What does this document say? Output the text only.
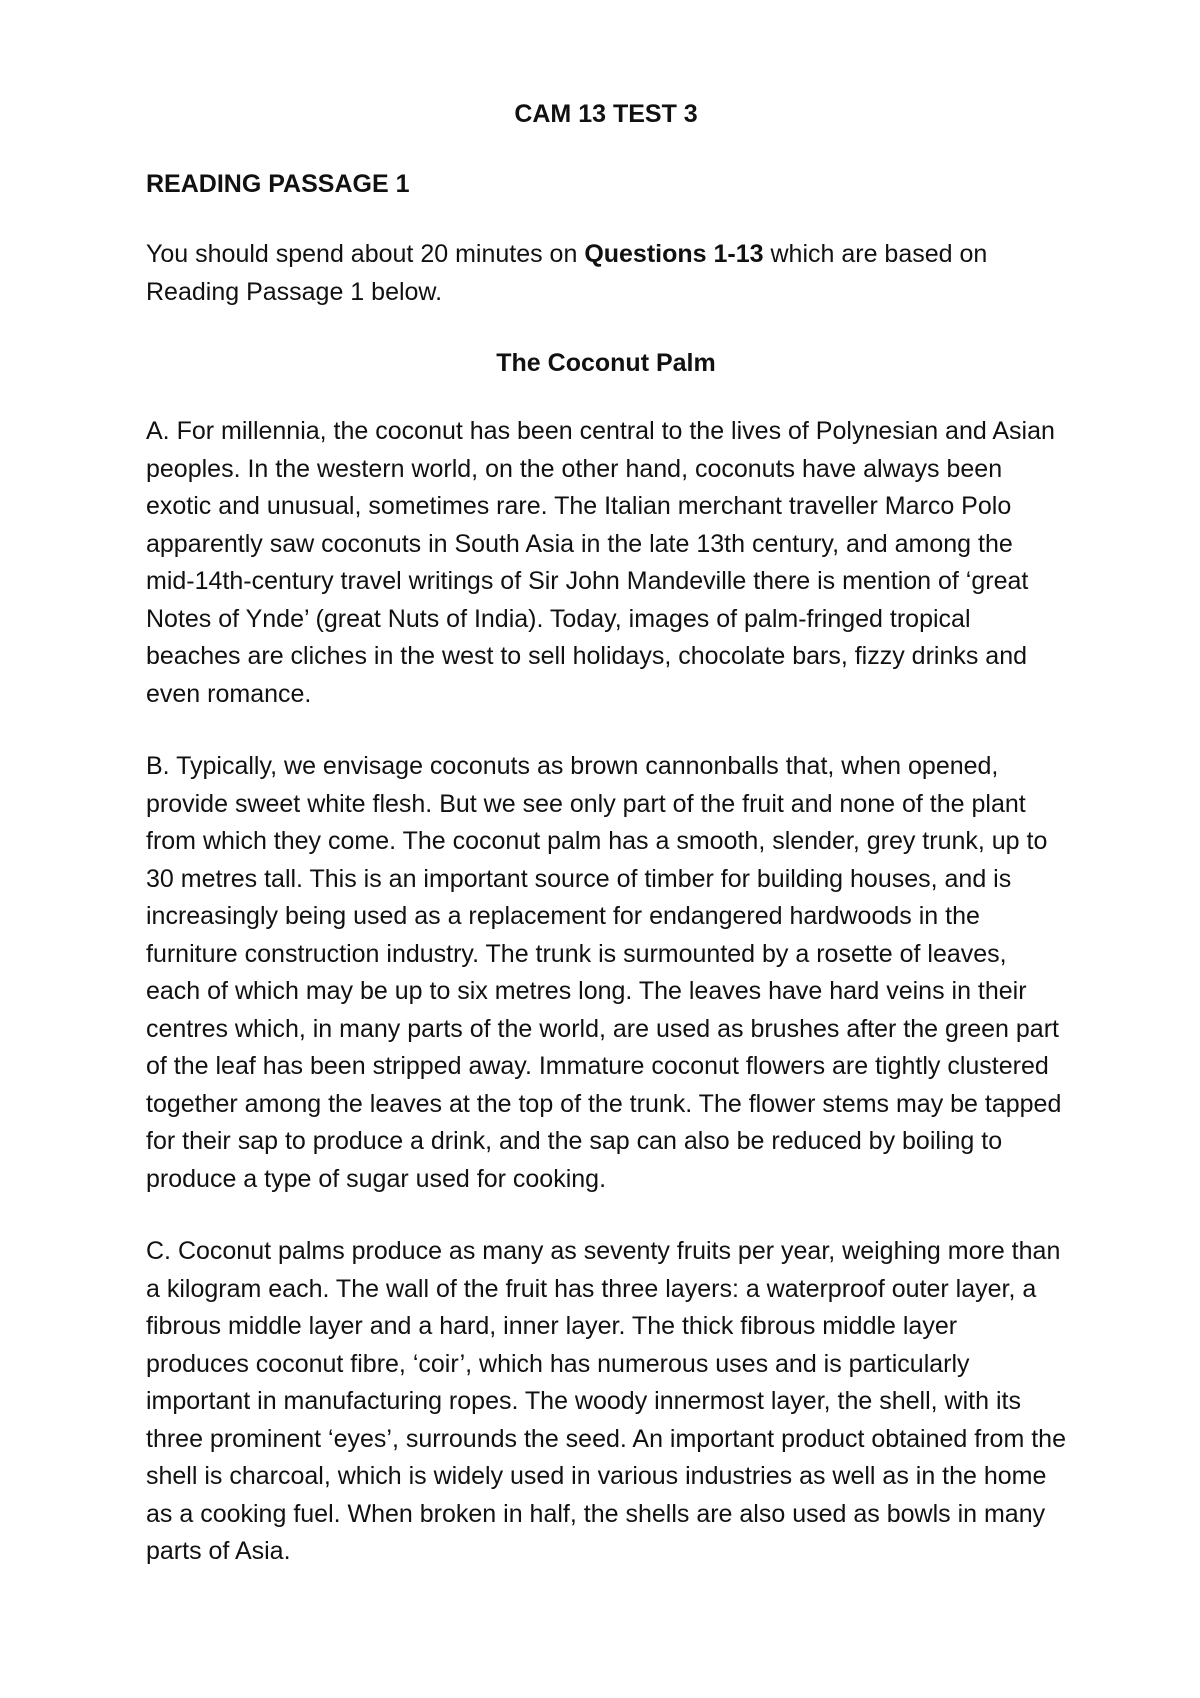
CAM 13 TEST 3
READING PASSAGE 1

You should spend about 20 minutes on Questions 1-13 which are based on Reading Passage 1 below.

The Coconut Palm

A. For millennia, the coconut has been central to the lives of Polynesian and Asian peoples. In the western world, on the other hand, coconuts have always been exotic and unusual, sometimes rare. The Italian merchant traveller Marco Polo apparently saw coconuts in South Asia in the late 13th century, and among the mid-14th-century travel writings of Sir John Mandeville there is mention of ‘great Notes of Ynde’ (great Nuts of India). Today, images of palm-fringed tropical beaches are cliches in the west to sell holidays, chocolate bars, fizzy drinks and even romance.

B. Typically, we envisage coconuts as brown cannonballs that, when opened, provide sweet white flesh. But we see only part of the fruit and none of the plant from which they come. The coconut palm has a smooth, slender, grey trunk, up to 30 metres tall. This is an important source of timber for building houses, and is increasingly being used as a replacement for endangered hardwoods in the furniture construction industry. The trunk is surmounted by a rosette of leaves, each of which may be up to six metres long. The leaves have hard veins in their centres which, in many parts of the world, are used as brushes after the green part of the leaf has been stripped away. Immature coconut flowers are tightly clustered together among the leaves at the top of the trunk. The flower stems may be tapped for their sap to produce a drink, and the sap can also be reduced by boiling to produce a type of sugar used for cooking.

C. Coconut palms produce as many as seventy fruits per year, weighing more than a kilogram each. The wall of the fruit has three layers: a waterproof outer layer, a fibrous middle layer and a hard, inner layer. The thick fibrous middle layer produces coconut fibre, ‘coir’, which has numerous uses and is particularly important in manufacturing ropes. The woody innermost layer, the shell, with its three prominent ‘eyes’, surrounds the seed. An important product obtained from the shell is charcoal, which is widely used in various industries as well as in the home as a cooking fuel. When broken in half, the shells are also used as bowls in many parts of Asia.
